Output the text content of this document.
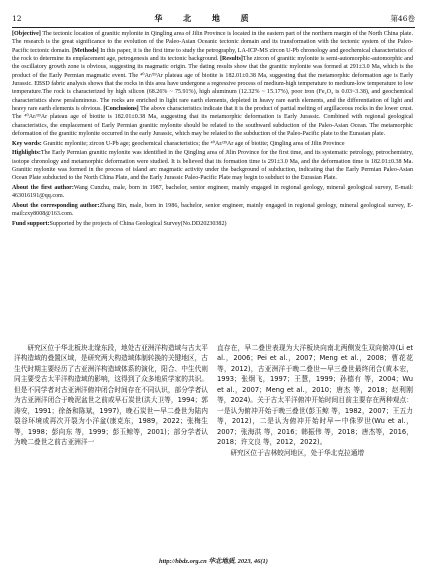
12	华 北 地 质	第46卷

[Objective] The tectonic location of granitic mylonite in Qingling area of Jilin Province is located in the eastern part of the northern margin of the North China plate. The research is the great significance to the evolution of the Paleo-Asian Oceanic tectonic domain and its transformation with the tectonic system of the Paleo-Pacific tectonic domain. [Methods] In this paper, it is the first time to study the petrography, LA-ICP-MS zircon U-Pb chronology and geochemical characteristics of the rock to determine its emplacement age, petrogenesis and its tectonic background. [Results]The zircon of granitic mylonite is semi-automorphic-automorphic and the oscillatory growth zone is obvious, suggesting its magmatic origin. The dating results show that the granitic mylonite was formed at 291±3.0 Ma, which is the product of the Early Permian magmatic event. The ⁴⁰Ar/³⁹Ar plateau age of biotite is 182.01±0.38 Ma, suggesting that the metamorphic deformation age is Early Jurassic. EBSD fabric analysis shows that the rocks in this area have undergone a regressive process of medium-high temperature to medium-low temperature to low temperature.The rock is characterized by high silicon (68.26% ~ 75.91%), high aluminum (12.32% ~ 15.17%), poor iron (Fe₂O₃ is 0.03~3.38), and geochemical characteristics show peraluminous. The rocks are enriched in light rare earth elements, depleted in heavy rare earth elements, and the differentiation of light and heavy rare earth elements is obvious. [Conclusions] The above characteristics indicate that it is the product of partial melting of argillaceous rocks in the lower crust. The ⁴⁰Ar/³⁹Ar plateau age of biotite is 182.01±0.38 Ma, suggesting that its metamorphic deformation is Early Jurassic. Combined with regional geological characteristics, the emplacement of Early Permian granitic mylonite should be related to the southward subduction of the Paleo-Asian Ocean. The metamorphic deformation of the granitic mylonite occurred in the early Jurassic, which may be related to the subduction of the Paleo-Pacific plate to the Eurasian plate.

Key words: Granitic mylonite; zircon U-Pb age; geochemical characteristics; the ⁴⁰Ar/³⁹Ar age of biotite; Qingling area of Jilin Province

Highlights:The Early Permian granitic mylonite was identified in the Qingling area of Jilin Province for the first time, and its systematic petrology, petrochemistry, isotope chronology and metamorphic deformation were studied. It is believed that its formation time is 291±3.0 Ma, and the deformation time is 182.01±0.38 Ma. Granitic mylonite was formed in the process of island arc magmatic activity under the background of subduction, indicating that the Early Permian Paleo-Asian Ocean Plate subducted to the North China Plate, and the Early Jurassic Paleo-Pacific Plate may begin to subduct to the Eurasian Plate.

About the first author:Wang Cunzhu, male, born in 1987, bachelor, senior engineer, mainly engaged in regional geology, mineral geological survey, E-mail: 463016191@qq.com.

About the corresponding author:Zhang Bin, male, born in 1986, bachelor, senior engineer, mainly engaged in regional geology, mineral geological survey, E-mail:zxy8008@163.com.

Fund support:Supported by the projects of China Geological Survey(No.DD20230382)

　　研究区位于华北板块北缘东段，地处古亚洲洋构造域与古太平洋构造域的叠置区域，是研究两大构造域体制转换的关键地区，古生代时期主要经历了古亚洲洋构造域体系的演化，阳合、中生代则同主要受古太平洋构造域的影响，这得到了众多地质学家的共识。但是不同学者对古亚洲洋俯冲闭合时间存在不同认识，部分学者认为古亚洲洋闭合于晚泥盆世之前或早石炭世(洪大卫等，1994；郭涛安，1991；徐备和陈斌，1997)，晚石炭世—早二叠世为陆内裂谷环境或再次开裂为小洋盆(康克东，1989，2022；张梅生 等，1998；彭向东 等，1999；彭玉鲸等，2001)；部分学者认为晚二叠世之前古亚洲洋一
直存在，早二叠世表现为大洋板块向南北两侧发生双向俯冲(Li et al.，2006；Pei et al.，2007；Meng et al.，2008；曹花花 等，2012)，古亚洲洋于晚二叠世—早三叠世最终闭合(黄本宏，1993；张炯飞，1997；王慧，1999；孙德有 等，2004；Wu et al.，2007；Meng et al.，2010；唐杰 等，2018；赵利刚 等，2024)。关于古太平洋俯冲开始时间目前主要存在两种观点：一是认为俯冲开始于晚三叠世(彭玉鲸 等，1982，2007；王五力等，2012)，二是认为俯冲开始时早—中侏罗世(Wu et al.，2007；张海洪 等，2016；韩振伟 等，2018；唐杰等，2016，2018；许文良 等，2012，2022)。
　　研究区位于吉林蛟河地区，处于华北克拉通增
http://hbdz.org.cn 华北地质, 2023, 46(1)
